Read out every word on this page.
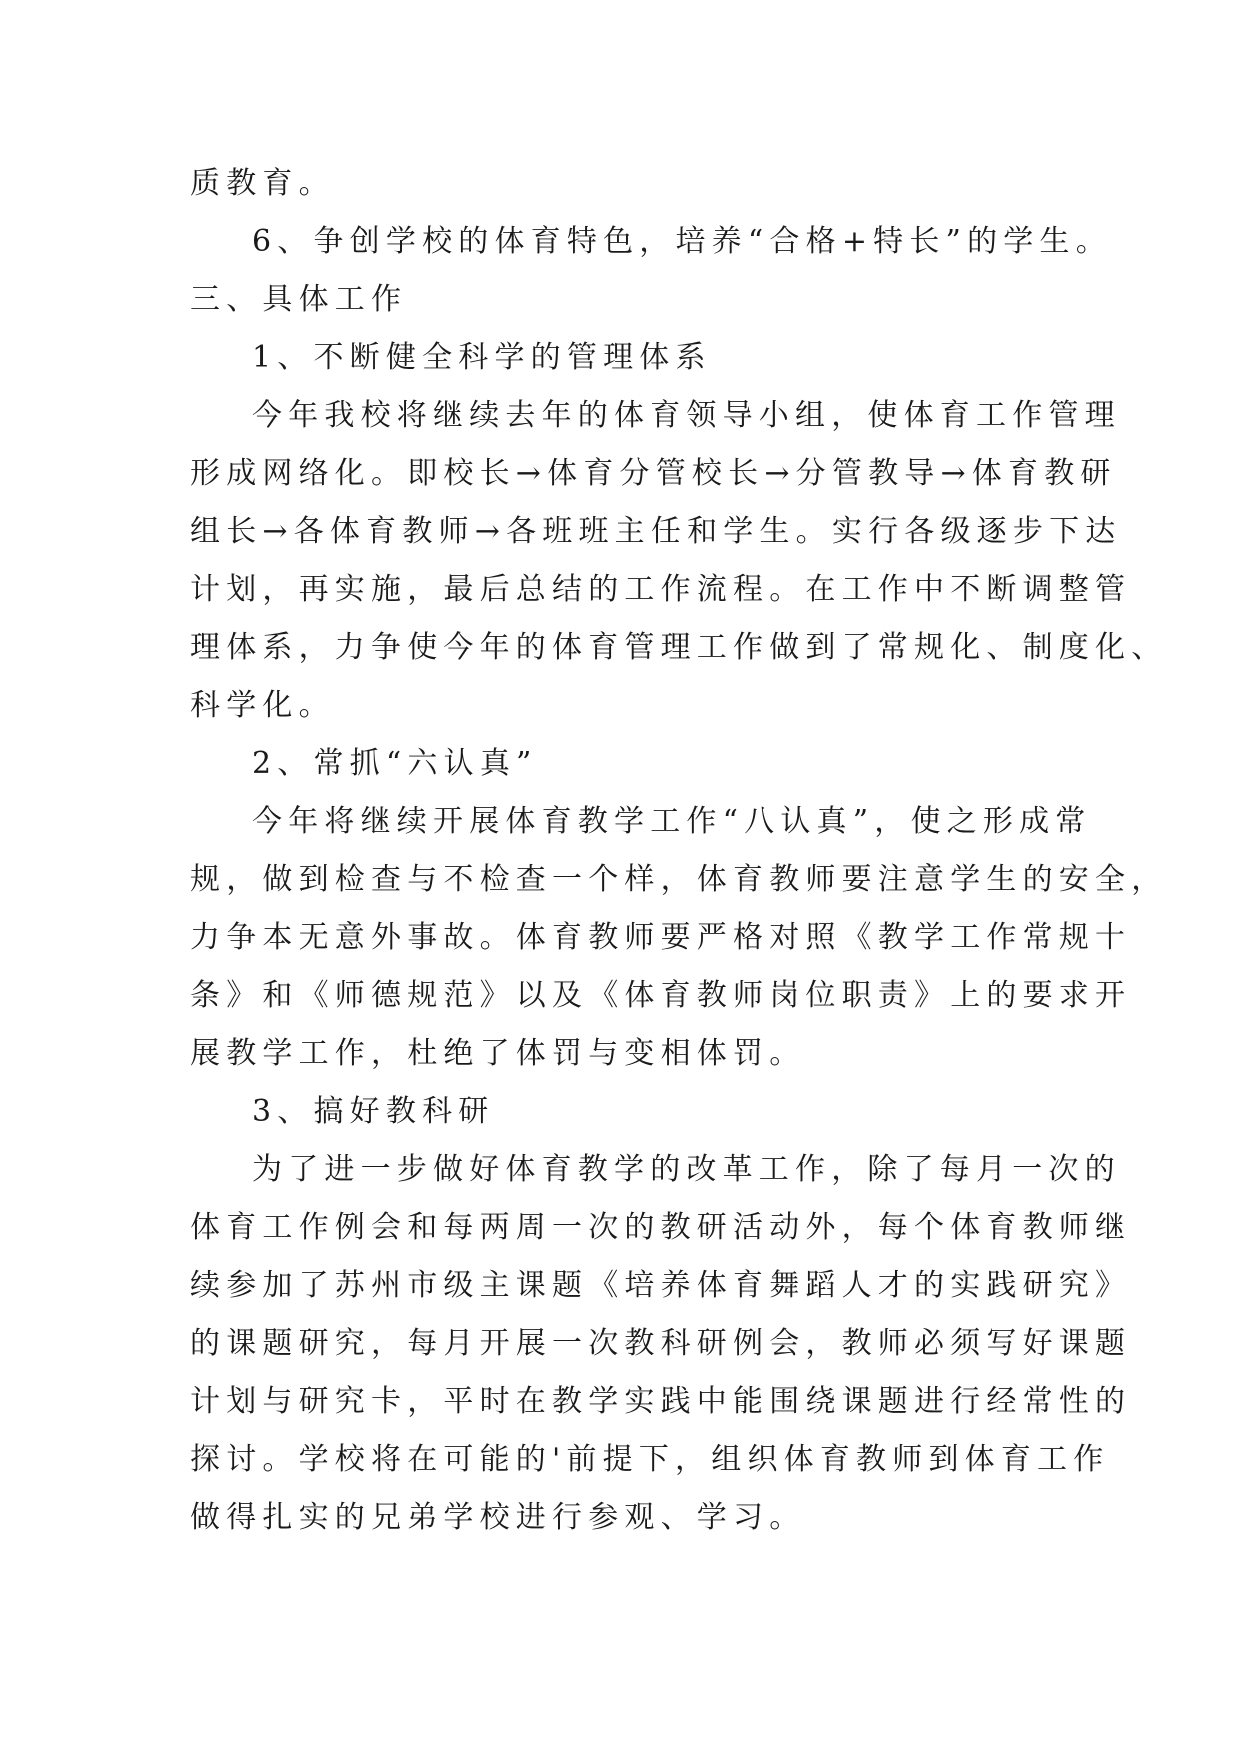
质教育。
6、争创学校的体育特色，培养“合格+特长”的学生。
三、具体工作
1、不断健全科学的管理体系
今年我校将继续去年的体育领导小组，使体育工作管理
形成网络化。即校长→体育分管校长→分管教导→体育教研
组长→各体育教师→各班班主任和学生。实行各级逐步下达
计划，再实施，最后总结的工作流程。在工作中不断调整管
理体系，力争使今年的体育管理工作做到了常规化、制度化、
科学化。
2、常抓“六认真”
今年将继续开展体育教学工作“八认真”，使之形成常
规，做到检查与不检查一个样，体育教师要注意学生的安全，
力争本无意外事故。体育教师要严格对照《教学工作常规十
条》和《师德规范》以及《体育教师岗位职责》上的要求开
展教学工作，杜绝了体罚与变相体罚。
3、搞好教科研
为了进一步做好体育教学的改革工作，除了每月一次的
体育工作例会和每两周一次的教研活动外，每个体育教师继
续参加了苏州市级主课题《培养体育舞蹈人才的实践研究》
的课题研究，每月开展一次教科研例会，教师必须写好课题
计划与研究卡，平时在教学实践中能围绕课题进行经常性的
探讨。学校将在可能的'前提下，组织体育教师到体育工作
做得扎实的兄弟学校进行参观、学习。
